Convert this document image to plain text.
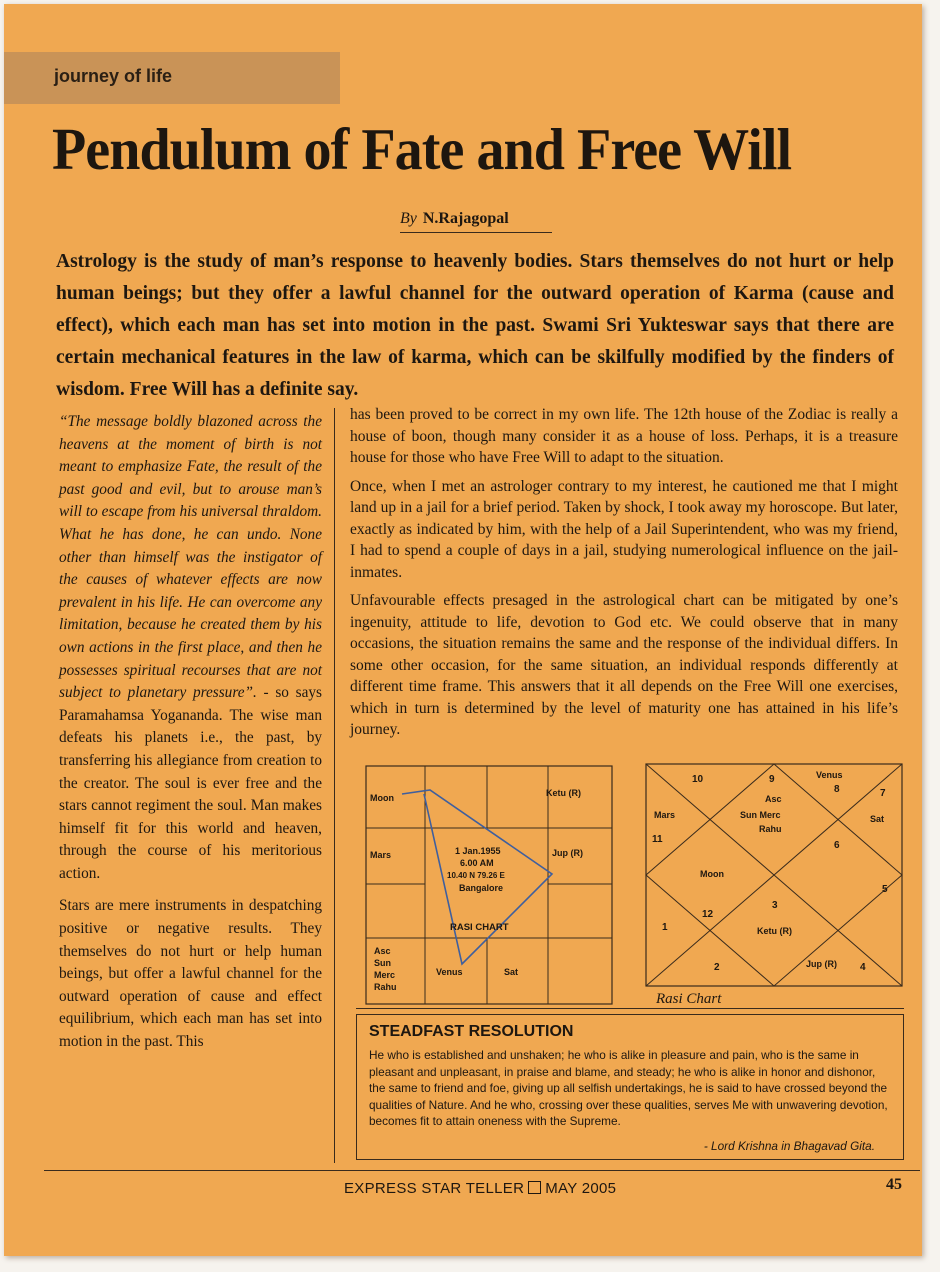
journey of life
Pendulum of Fate and Free Will
By N.Rajagopal
Astrology is the study of man’s response to heavenly bodies. Stars themselves do not hurt or help human beings; but they offer a lawful channel for the outward operation of Karma (cause and effect), which each man has set into motion in the past. Swami Sri Yukteswar says that there are certain mechanical features in the law of karma, which can be skilfully modified by the finders of wisdom. Free Will has a definite say.

“The message boldly blazoned across the heavens at the moment of birth is not meant to emphasize Fate, the result of the past good and evil, but to arouse man’s will to escape from his universal thraldom. What he has done, he can undo. None other than himself was the instigator of the causes of whatever effects are now prevalent in his life. He can overcome any limitation, because he created them by his own actions in the first place, and then he possesses spiritual recourses that are not subject to planetary pressure”. - so says Paramahamsa Yogananda. The wise man defeats his planets i.e., the past, by transferring his allegiance from creation to the creator. The soul is ever free and the stars cannot regiment the soul. Man makes himself fit for this world and heaven, through the course of his meritorious action.

Stars are mere instruments in despatching positive or negative results. They themselves do not hurt or help human beings, but offer a lawful channel for the outward operation of cause and effect equilibrium, which each man has set into motion in the past. This

has been proved to be correct in my own life. The 12th house of the Zodiac is really a house of boon, though many consider it as a house of loss. Perhaps, it is a treasure house for those who have Free Will to adapt to the situation.

Once, when I met an astrologer contrary to my interest, he cautioned me that I might land up in a jail for a brief period. Taken by shock, I took away my horoscope. But later, exactly as indicated by him, with the help of a Jail Superintendent, who was my friend, I had to spend a couple of days in a jail, studying numerological influence on the jail-inmates.

Unfavourable effects presaged in the astrological chart can be mitigated by one’s ingenuity, attitude to life, devotion to God etc. We could observe that in many occasions, the situation remains the same and the response of the individual differs. In some other occasion, for the same situation, an individual responds differently at different time frame. This answers that it all depends on the Free Will one exercises, which in turn is determined by the level of maturity one has attained in his life’s journey.

Moon	Ketu (R)
Mars	Jup (R)
1 Jan.1955
6.00 AM
10.40 N 79.26 E
Bangalore
RASI CHART
Asc
Sun
Merc
Rahu
Venus	Sat
10	9	Venus
8	7
Asc
Sun Merc
Rahu
Mars
11
Sat
6
Moon
5
3
12
1	Ketu (R)
2	Jup (R) 4
Rasi Chart
STEADFAST RESOLUTION
He who is established and unshaken; he who is alike in pleasure and pain, who is the same in pleasant and unpleasant, in praise and blame, and steady; he who is alike in honor and dishonor, the same to friend and foe, giving up all selfish undertakings, he is said to have crossed beyond the qualities of Nature. And he who, crossing over these qualities, serves Me with unwavering devotion, becomes fit to attain oneness with the Supreme.
- Lord Krishna in Bhagavad Gita.
EXPRESS STAR TELLER MAY 2005	45
